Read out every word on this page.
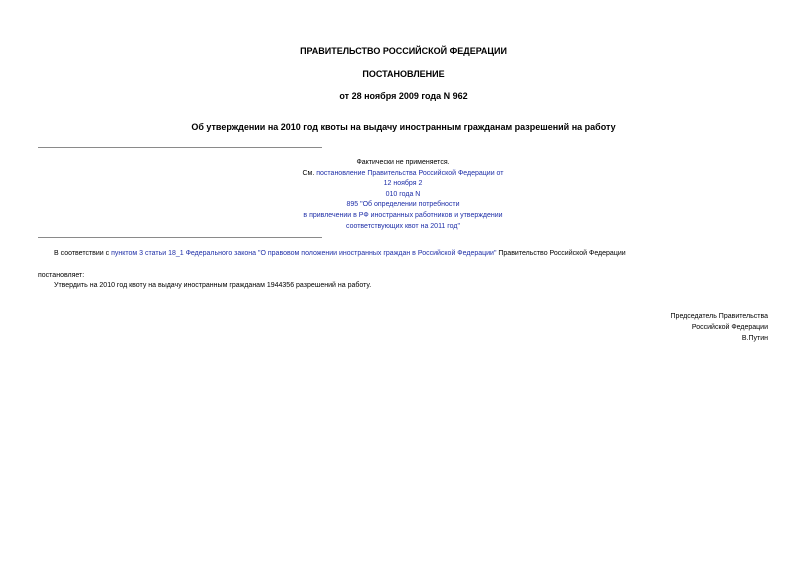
ПРАВИТЕЛЬСТВО РОССИЙСКОЙ ФЕДЕРАЦИИ
ПОСТАНОВЛЕНИЕ
от 28 ноября 2009 года N 962
Об утверждении на 2010 год квоты на выдачу иностранным гражданам разрешений на работу
Фактически не применяется.
См. постановление Правительства Российской Федерации от
12 ноября 2
010 года N
895 "Об определении потребности
в привлечении в РФ иностранных работников и утверждении
соответствующих квот на 2011 год"
В соответствии с пунктом 3 статьи 18_1 Федерального закона "О правовом положении иностранных граждан в Российской Федерации" Правительство Российской Федерации
постановляет:
Утвердить на 2010 год квоту на выдачу иностранным гражданам 1944356 разрешений на работу.
Председатель Правительства
Российской Федерации
В.Путин
